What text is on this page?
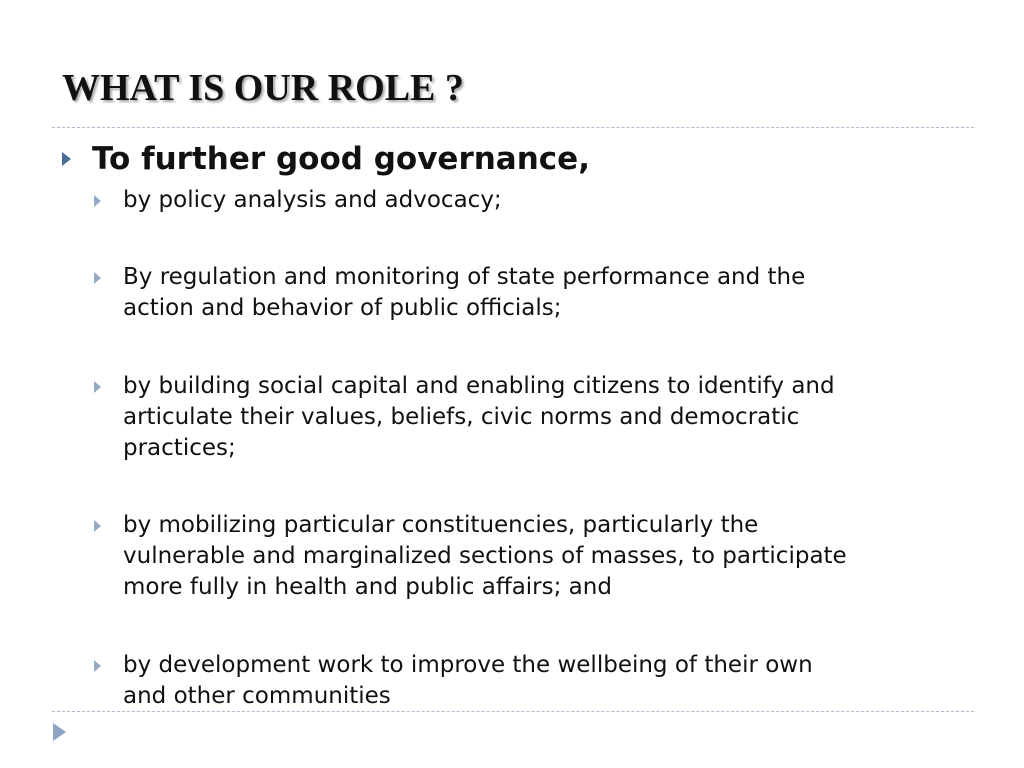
WHAT IS OUR ROLE ?
To further good governance,
by policy analysis and advocacy;
By regulation and monitoring of state performance and the
action and behavior of public officials;
by building social capital and enabling citizens to identify and
articulate their values, beliefs, civic norms and democratic
practices;
by mobilizing particular constituencies, particularly the
vulnerable and marginalized sections of masses, to participate
more fully in health and public affairs; and
by development work to improve the wellbeing of their own
and other communities
